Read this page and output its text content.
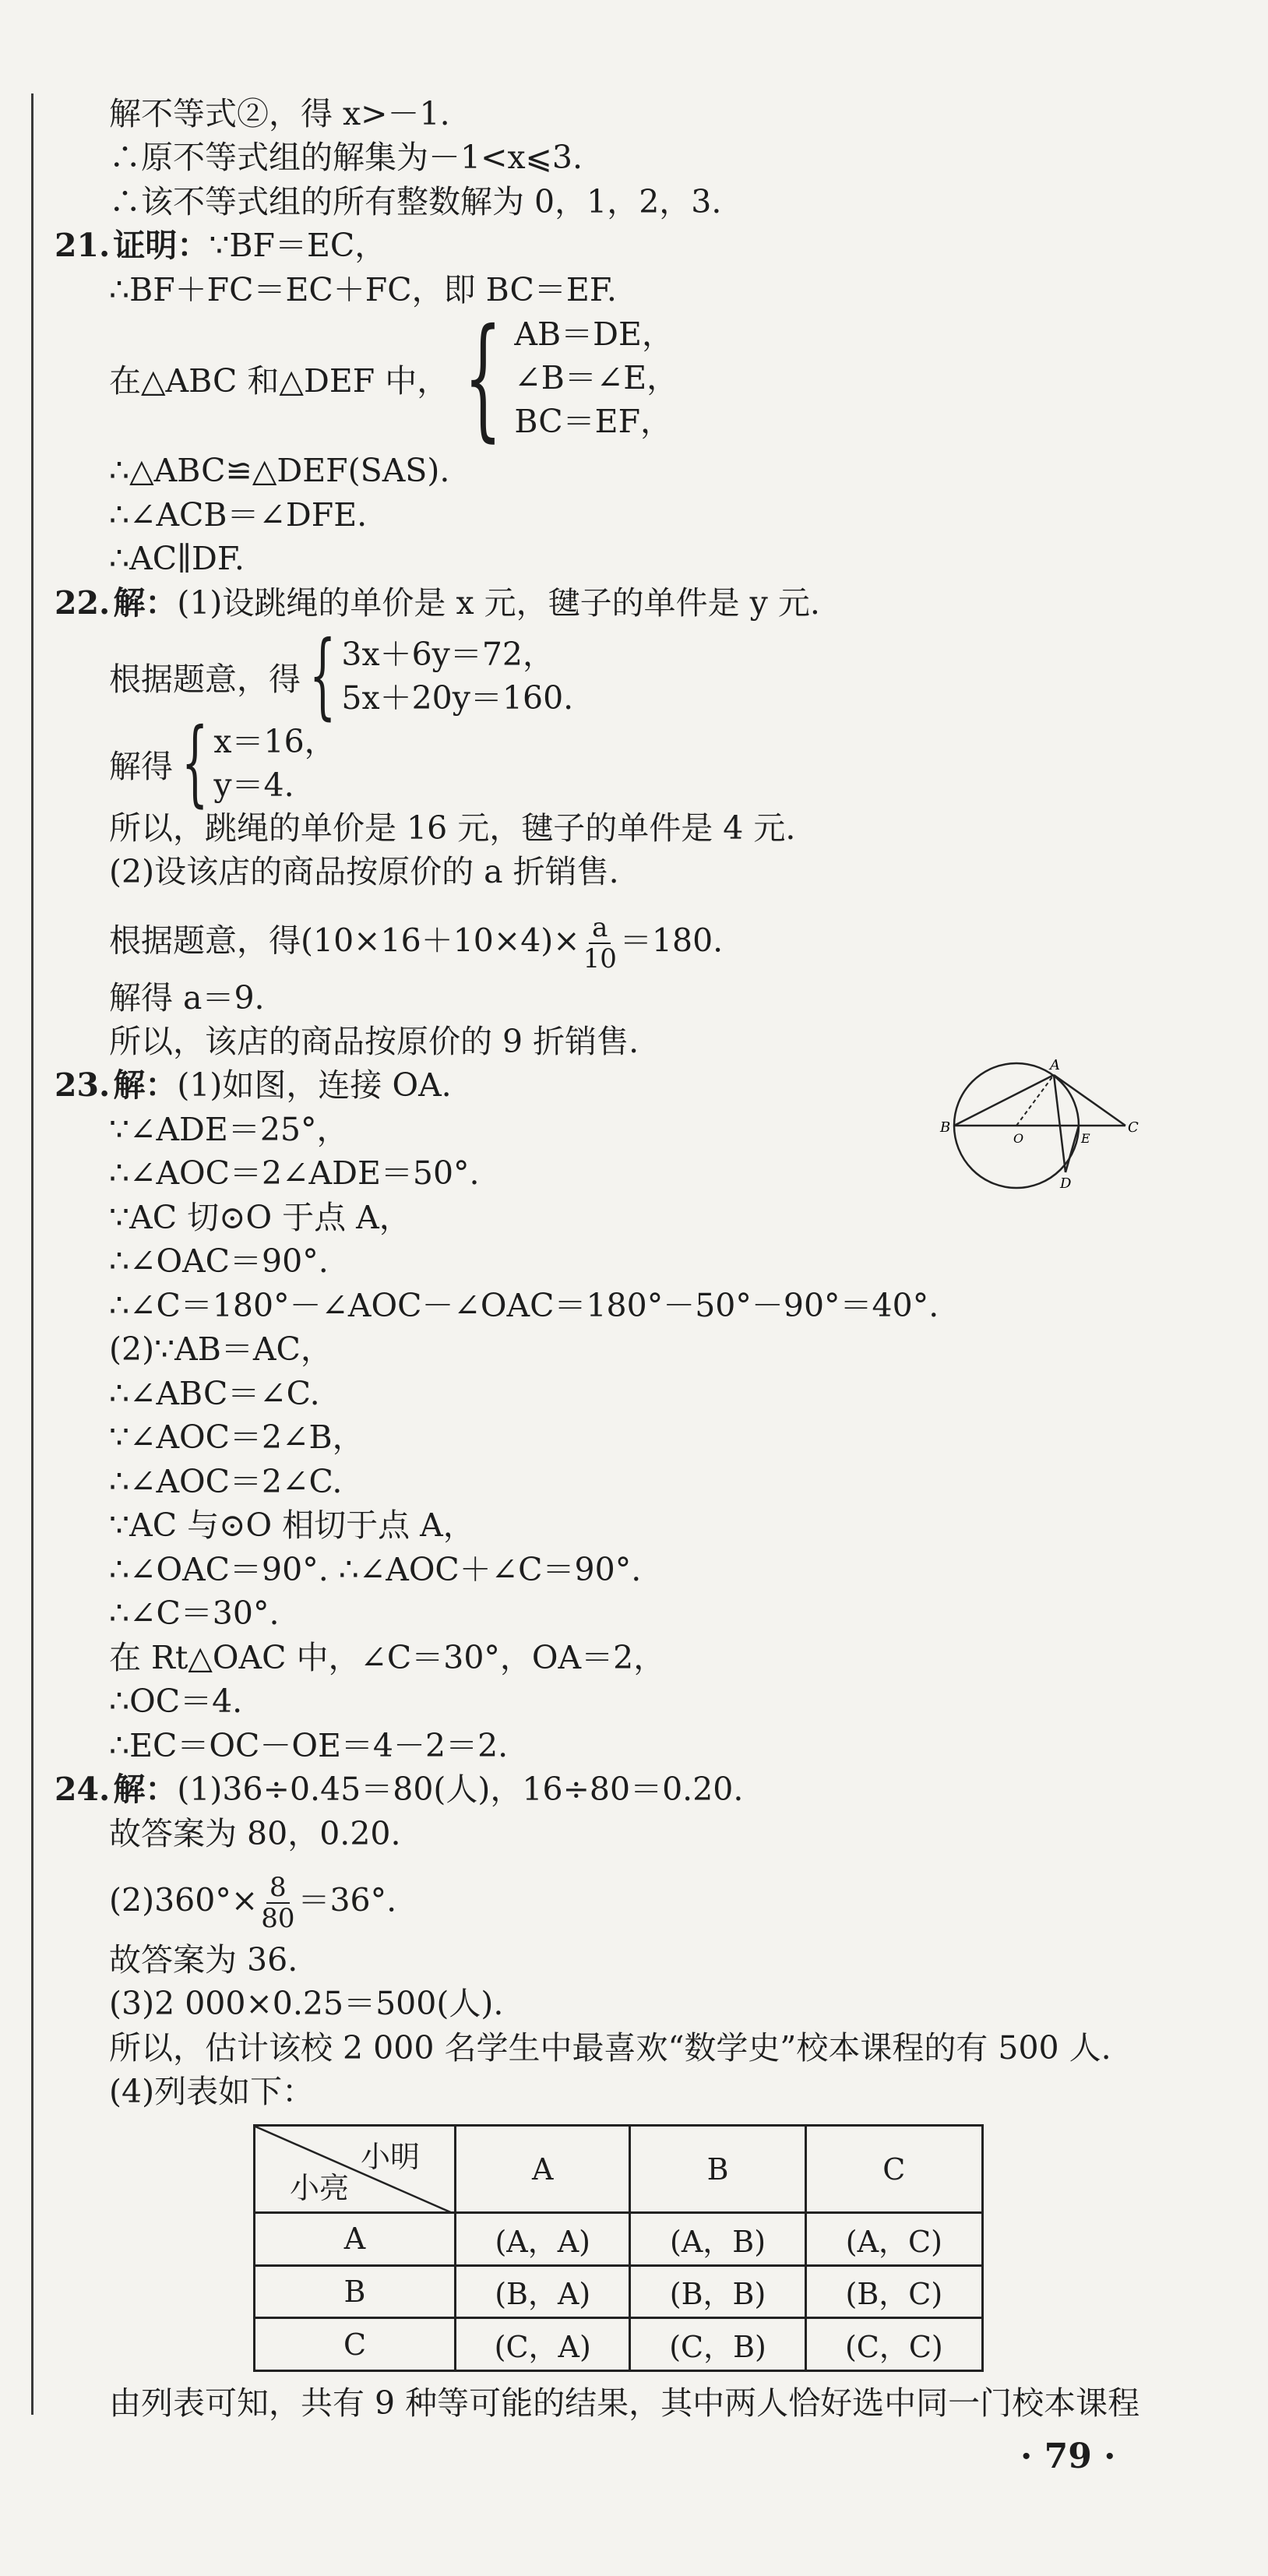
解不等式②，得 x>－1.
∴原不等式组的解集为－1<x⩽3.
∴该不等式组的所有整数解为 0，1，2，3.
21.证明：∵BF＝EC，
∴BF＋FC＝EC＋FC，即 BC＝EF.
在△ABC 和△DEF 中， { AB＝DE，
∠B＝∠E，
BC＝EF，
∴△ABC≌△DEF(SAS).
∴∠ACB＝∠DFE.
∴AC∥DF.
22.解：(1)设跳绳的单价是 x 元，毽子的单件是 y 元.
根据题意，得 { 3x＋6y＝72，
5x＋20y＝160.
解得 { x＝16，
y＝4.
所以，跳绳的单价是 16 元，毽子的单件是 4 元.
(2)设该店的商品按原价的 a 折销售.
根据题意，得$(10\times 16+10\times 4)\times \frac{a}{10} =180$.
解得 a＝9.
所以，该店的商品按原价的 9 折销售.
23.解：(1)如图，连接 OA.
A
B
O	E
C
D
∵∠ADE＝25°，
∴∠AOC＝2∠ADE＝50°.
∵AC 切⊙O 于点 A，
∴∠OAC＝90°.
∴∠C＝180°－∠AOC－∠OAC＝180°－50°－90°＝40°.
(2)∵AB＝AC，
∴∠ABC＝∠C.
∵∠AOC＝2∠B，
∴∠AOC＝2∠C.
∵AC 与⊙O 相切于点 A，
∴∠OAC＝90°. ∴∠AOC＋∠C＝90°.
∴∠C＝30°.
在 Rt△OAC 中，∠C＝30°，OA＝2，
∴OC＝4.
∴EC＝OC－OE＝4－2＝2.
24.解：(1)36÷0.45＝80(人)，16÷80＝0.20.
故答案为 80，0.20.
$(2)360^\circ\times \frac{8}{80} =36^\circ$.
故答案为 36.
(3)2 000×0.25＝500(人).
所以，估计该校 2 000 名学生中最喜欢“数学史”校本课程的有 500 人.
(4)列表如下：
小明
小亮	A	B	C
A	(A，A)	(A，B)	(A，C)
B	(B，A)	(B，B)	(B，C)
C	(C，A)	(C，B)	(C，C)
由列表可知，共有 9 种等可能的结果，其中两人恰好选中同一门校本课程
· 79 ·
